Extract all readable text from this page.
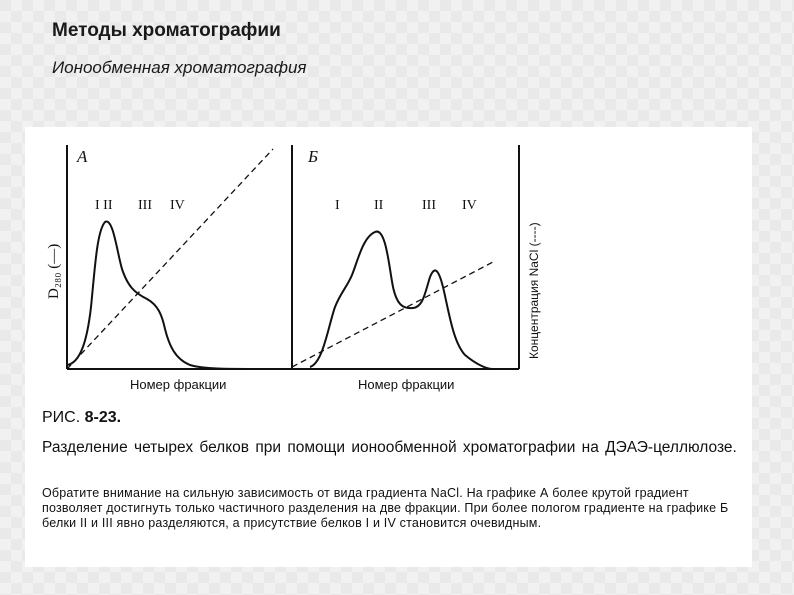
Методы хроматографии
Ионообменная хроматография
А
I II III IV
Номер фракции
D₂₈₀ (—)
Б
I II	III IV
Номер фракции
Концентрация NaCl (----)
РИС. 8-23.
Разделение четырех белков при помощи ионообменной хроматографии на ДЭАЭ-целлюлозе.
Обратите внимание на сильную зависимость от вида градиента NaCl. На графике А более крутой градиент позволяет достигнуть только частичного разделения на две фракции. При более пологом градиенте на графике Б белки II и III явно разделяются, а присутствие белков I и IV становится очевидным.
